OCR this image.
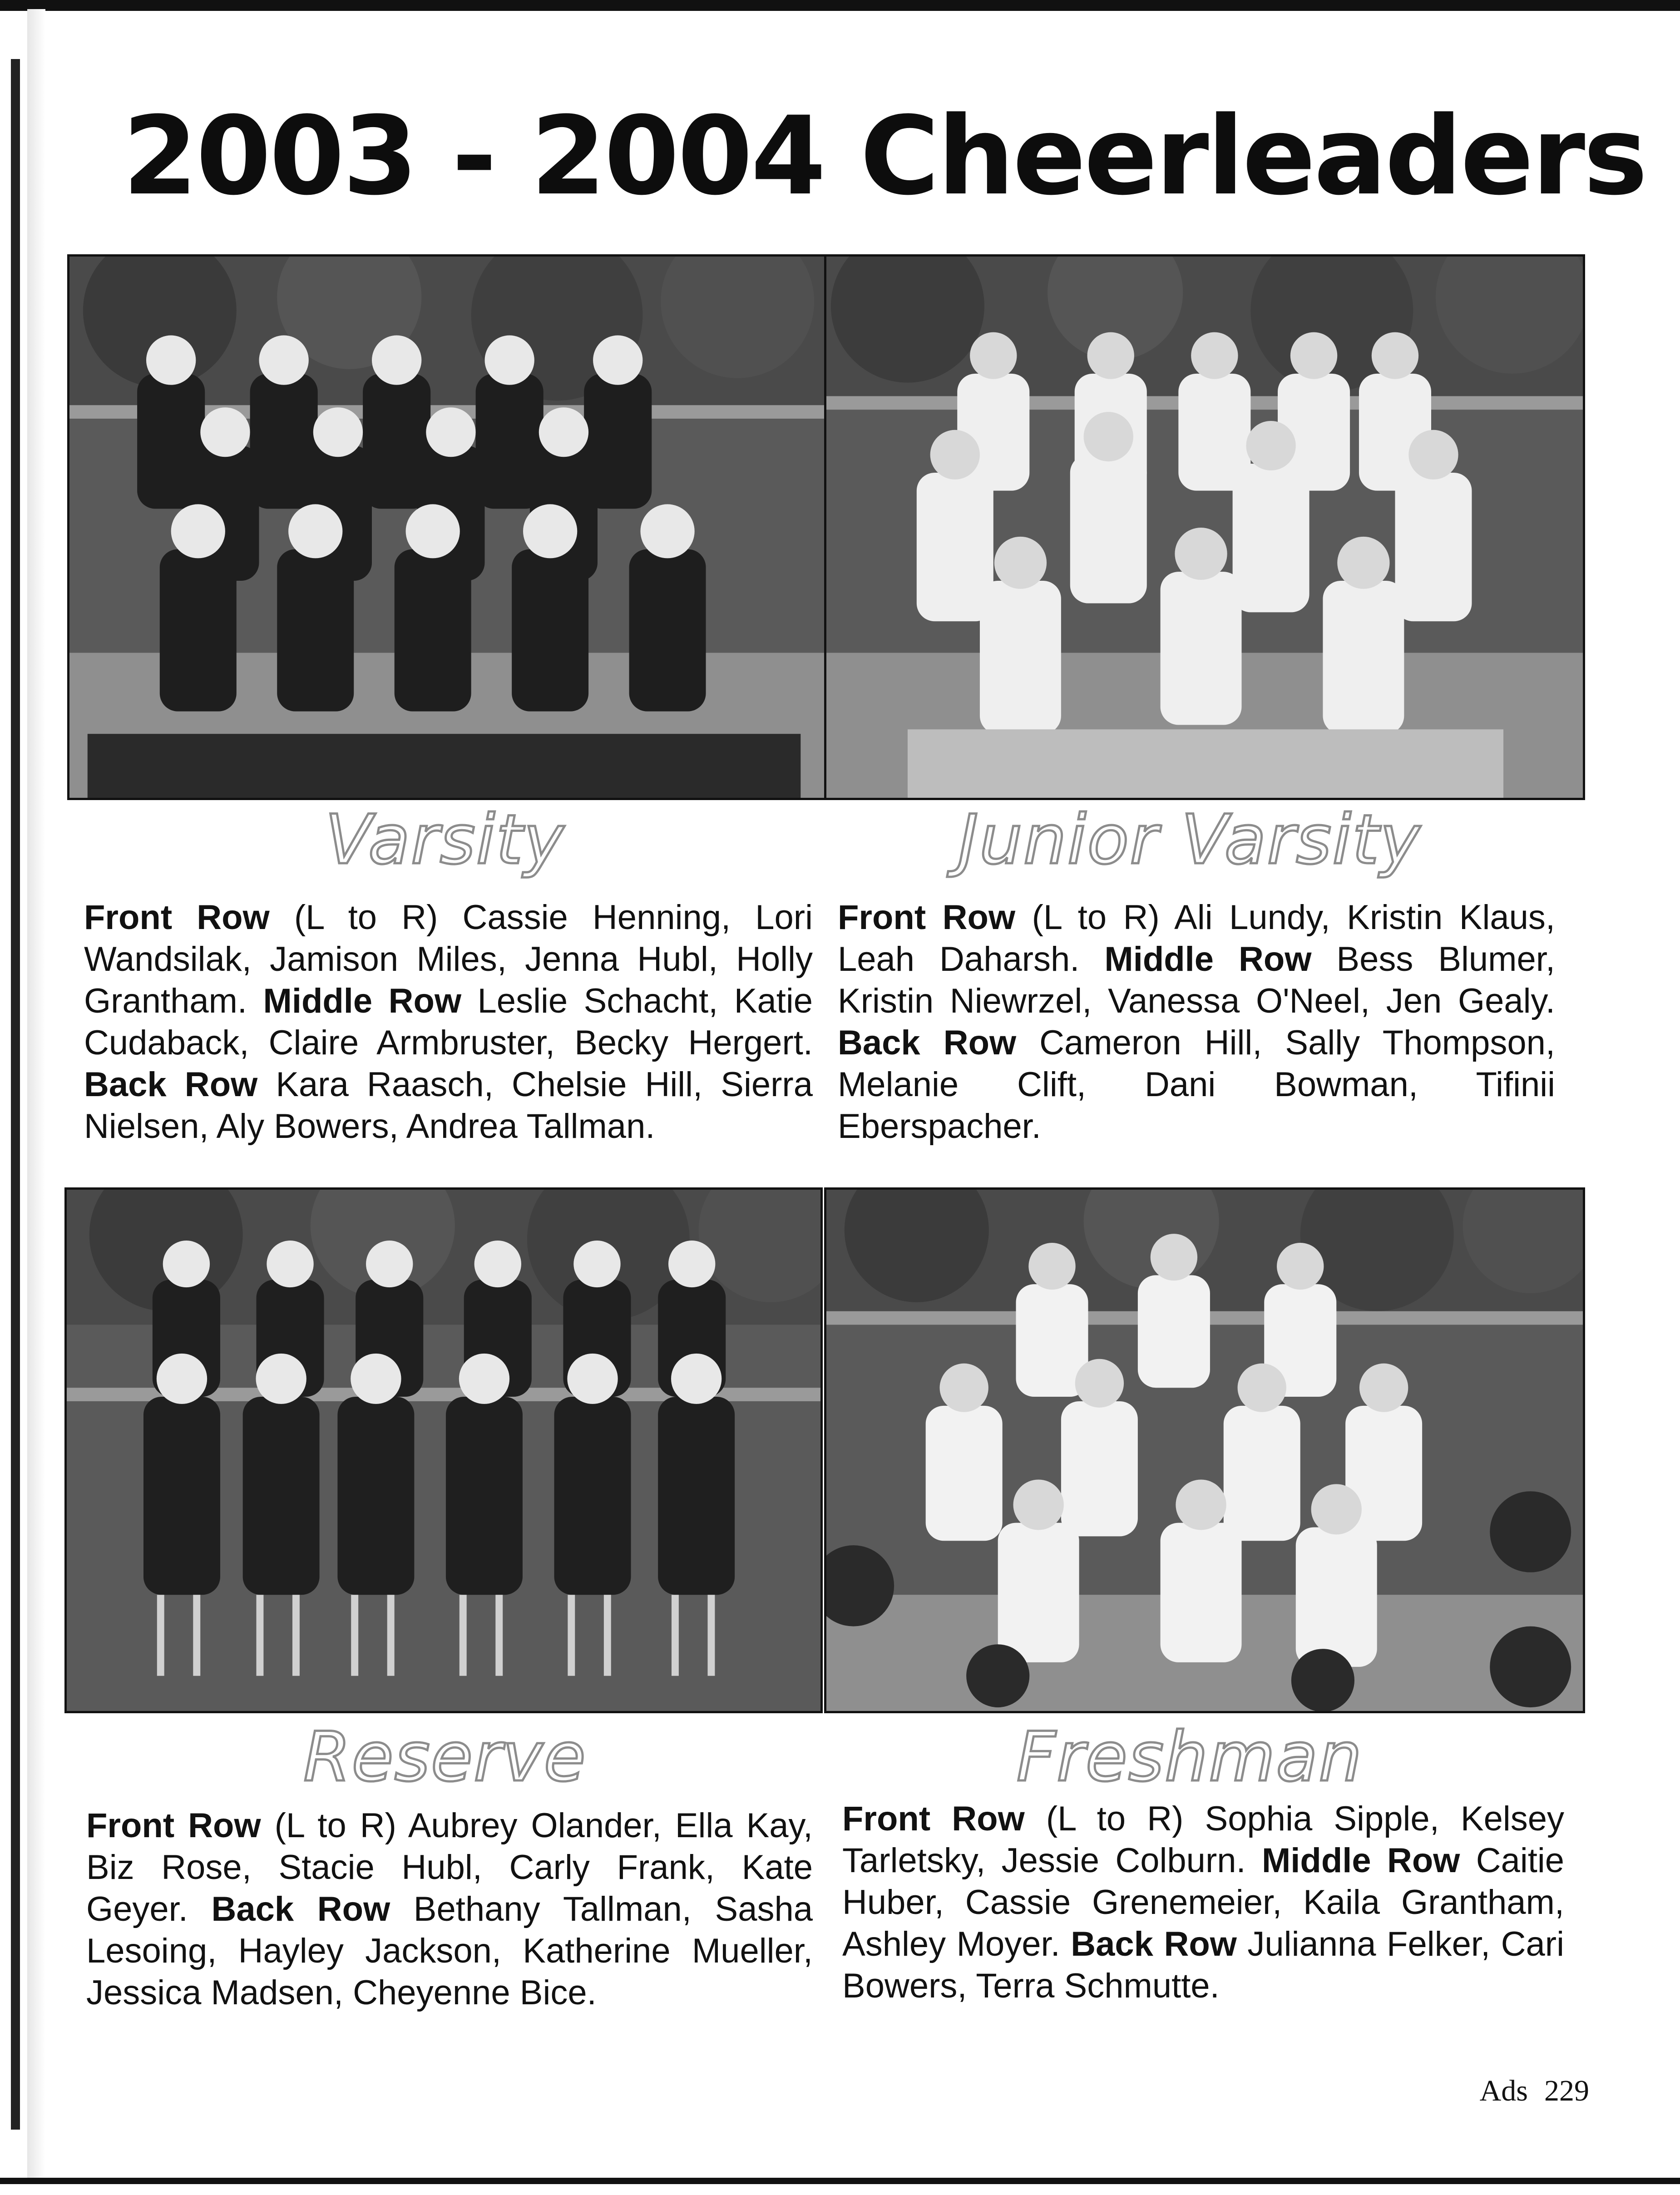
2003 - 2004 Cheerleaders
Varsity	Junior Varsity

Front Row (L to R) Cassie Henning, Lori Wandsilak, Jamison Miles, Jenna Hubl, Holly Grantham. Middle Row Leslie Schacht, Katie Cudaback, Claire Armbruster, Becky Hergert. Back Row Kara Raasch, Chelsie Hill, Sierra Nielsen, Aly Bowers, Andrea Tallman.

Front Row (L to R) Ali Lundy, Kristin Klaus, Leah Daharsh. Middle Row Bess Blumer, Kristin Niewrzel, Vanessa O'Neel, Jen Gealy. Back Row Cameron Hill, Sally Thompson, Melanie Clift, Dani Bowman, Tifinii Eberspacher.

Reserve	Freshman

Front Row (L to R) Aubrey Olander, Ella Kay, Biz Rose, Stacie Hubl, Carly Frank, Kate Geyer. Back Row Bethany Tallman, Sasha Lesoing, Hayley Jackson, Katherine Mueller, Jessica Madsen, Cheyenne Bice.

Front Row (L to R) Sophia Sipple, Kelsey Tarletsky, Jessie Colburn. Middle Row Caitie Huber, Cassie Grenemeier, Kaila Grantham, Ashley Moyer. Back Row Julianna Felker, Cari Bowers, Terra Schmutte.

Ads 229
